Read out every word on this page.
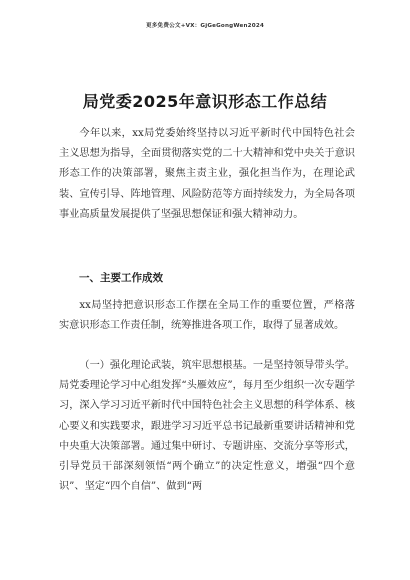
更多免费公文+VX：GjGeGongWen2024
局党委2025年意识形态工作总结

今年以来，xx局党委始终坚持以习近平新时代中国特色社会主义思想为指导，全面贯彻落实党的二十大精神和党中央关于意识形态工作的决策部署，聚焦主责主业，强化担当作为，在理论武装、宣传引导、阵地管理、风险防范等方面持续发力，为全局各项事业高质量发展提供了坚强思想保证和强大精神动力。

一、主要工作成效

xx局坚持把意识形态工作摆在全局工作的重要位置，严格落实意识形态工作责任制，统筹推进各项工作，取得了显著成效。

（一）强化理论武装，筑牢思想根基。一是坚持领导带头学。局党委理论学习中心组发挥“头雁效应”，每月至少组织一次专题学习，深入学习习近平新时代中国特色社会主义思想的科学体系、核心要义和实践要求，跟进学习习近平总书记最新重要讲话精神和党中央重大决策部署。通过集中研讨、专题讲座、交流分享等形式，引导党员干部深刻领悟“两个确立”的决定性意义，增强“四个意识”、坚定“四个自信”、做到“两
